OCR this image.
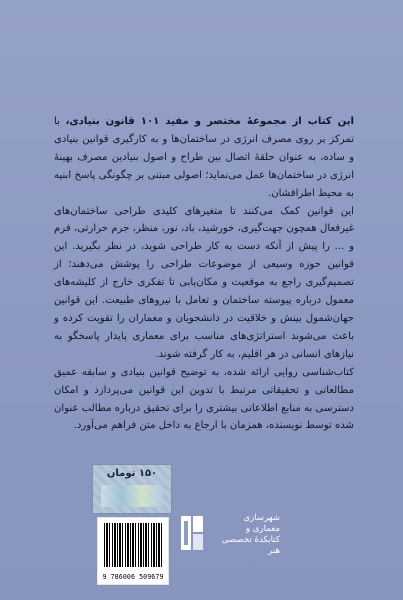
این کتاب از مجموعهٔ مختصر و مفید ۱۰۱ قانون بنیادی، با تمرکز بر روی مصرف انرژی در ساختمان‌ها و به کارگیری قوانین بنیادی و ساده، به عنوان حلقهٔ اتصال بین طراح و اصول بنیادین مصرف بهینهٔ انرژی در ساختمان‌ها عمل می‌نماید؛ اصولی مبتنی بر چگونگی پاسخ ابنیه به محیط اطرافشان.

این قوانین کمک می‌کنند تا متغیرهای کلیدی طراحی ساختمان‌های غیرفعال همچون جهت‌گیری، خورشید، باد، نور، منظر، جرم حرارتی، فرم و ... را پیش از آنکه دست به کار طراحی شوید، در نظر بگیرید. این قوانین حوزه وسیعی از موضوعات طراحی را پوشش می‌دهند؛ از تصمیم‌گیری راجع به موقعیت و مکان‌یابی تا تفکری خارج از کلیشه‌های معمول درباره پیوسته ساختمان و تعامل با نیروهای طبیعت. این قوانین جهان‌شمول بینش و خلاقیت در دانشجویان و معماران را تقویت کرده و باعث می‌شوند استراتژی‌های مناسب برای معماری پایدار پاسخگو به نیازهای انسانی در هر اقلیم، به کار گرفته شوند.

کتاب‌شناسی روایی ارائه شده، به توضیح قوانین بنیادی و سابقه عمیق مطالعاتی و تحقیقاتی مرتبط با تدوین این قوانین می‌پردازد و امکان دسترسی به منابع اطلاعاتی بیشتری را برای تحقیق درباره مطالب عنوان شده توسط نویسنده، همزمان با ارجاع به داخل متن فراهم می‌آورد.

۱۵۰ تومان
9 786006 509679
شهرسازی
معماری و
کتابکدهٔ تخصصی هنر
